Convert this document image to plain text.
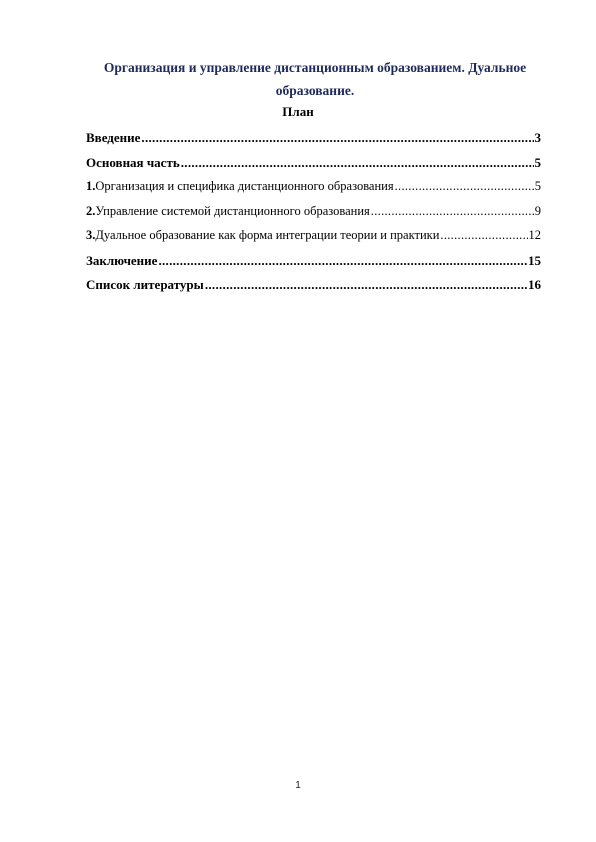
Организация и управление дистанционным образованием. Дуальное
образование.
План
Введение .....	3
Основная часть .....	5
1. Организация и специфика дистанционного образования .....	5
2. Управление системой дистанционного образования .....	9
3. Дуальное образование как форма интеграции теории и практики .....	12
Заключение .....	15
Список литературы .....	16
1
